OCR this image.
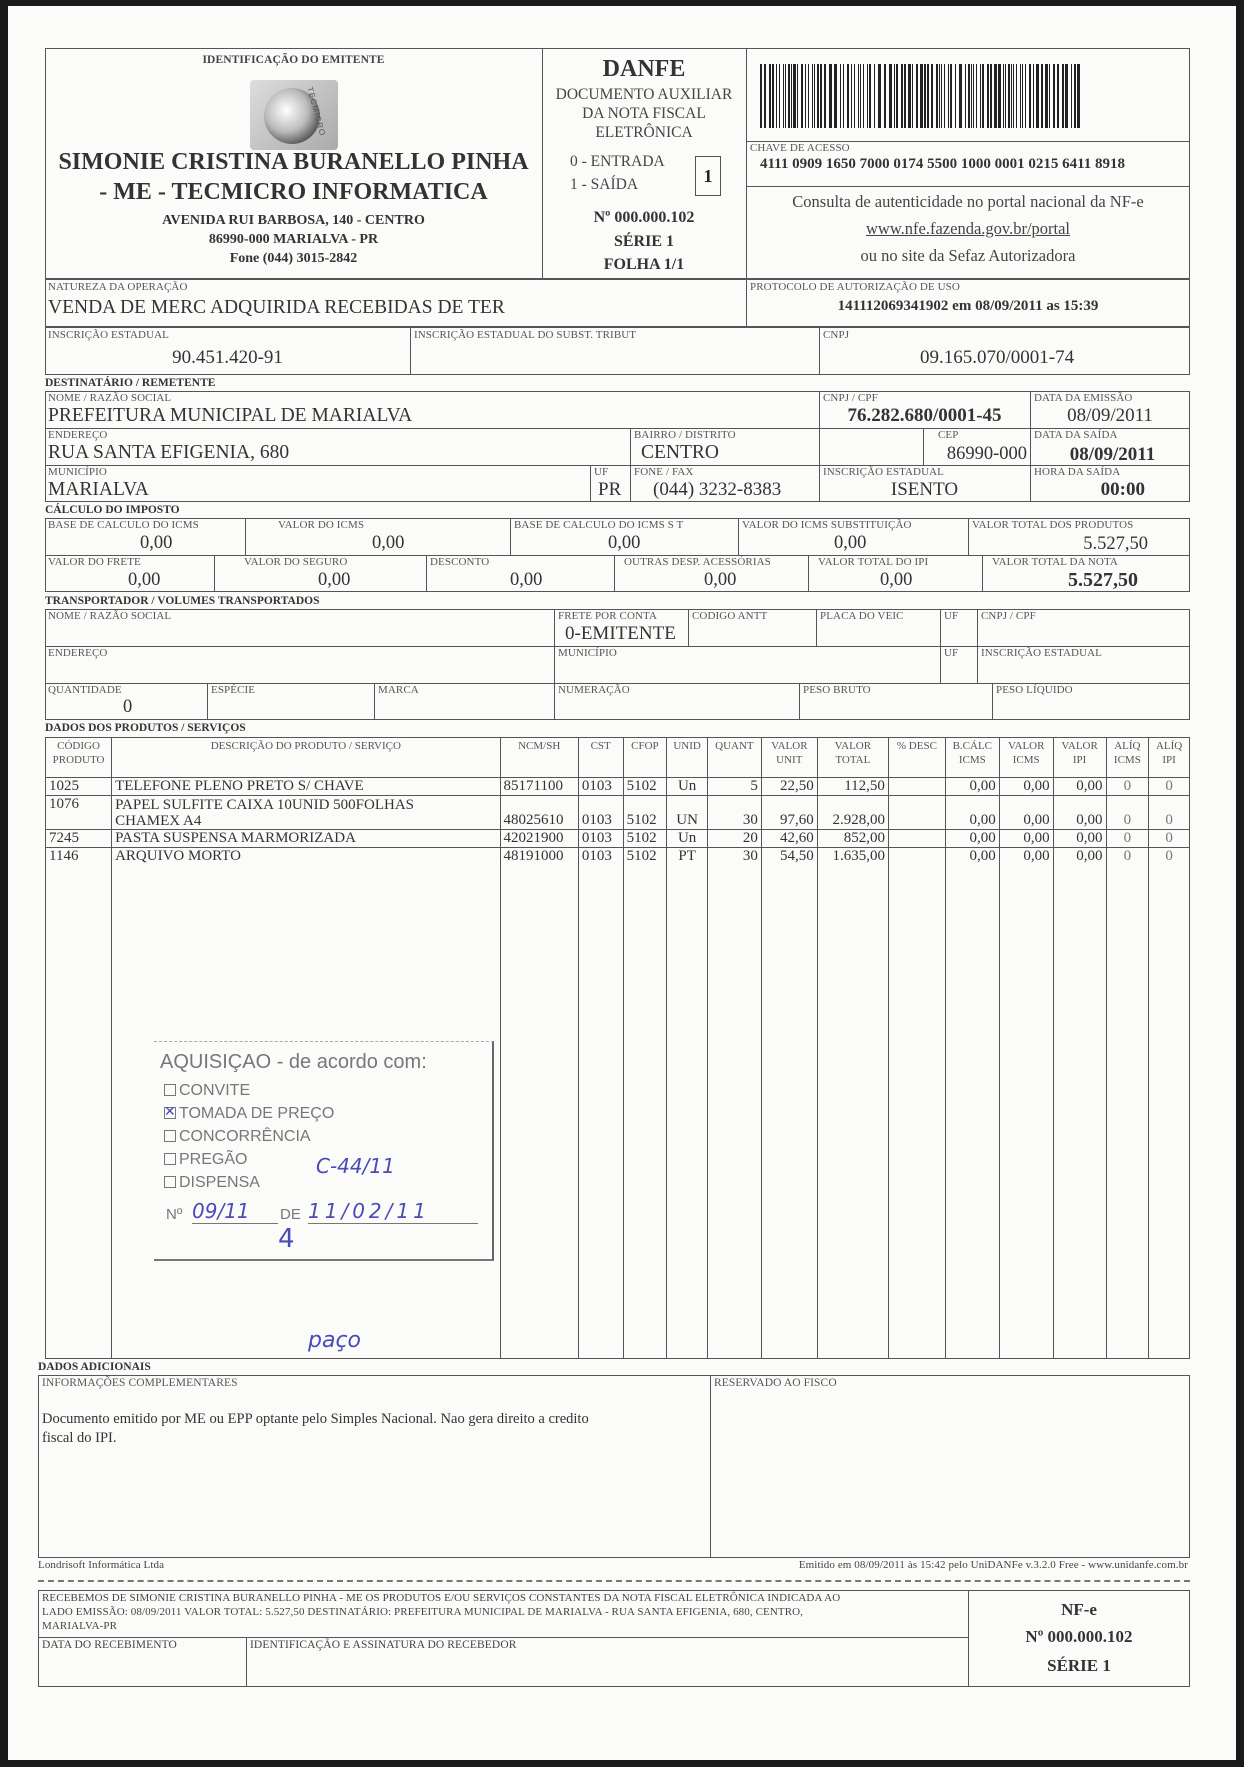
IDENTIFICAÇÃO DO EMITENTE
TECMICRO
SIMONIE CRISTINA BURANELLO PINHA
- ME - TECMICRO INFORMATICA
AVENIDA RUI BARBOSA, 140 - CENTRO
86990-000 MARIALVA - PR
Fone (044) 3015-2842
DANFE
DOCUMENTO AUXILIAR
DA NOTA FISCAL
ELETRÔNICA
0 - ENTRADA
1 - SAÍDA	1
Nº 000.000.102
SÉRIE 1
FOLHA 1/1
CHAVE DE ACESSO
4111 0909 1650 7000 0174 5500 1000 0001 0215 6411 8918
Consulta de autenticidade no portal nacional da NF-e
www.nfe.fazenda.gov.br/portal
ou no site da Sefaz Autorizadora
NATUREZA DA OPERAÇÃO
VENDA DE MERC ADQUIRIDA RECEBIDAS DE TER
PROTOCOLO DE AUTORIZAÇÃO DE USO
141112069341902 em 08/09/2011 as 15:39
INSCRIÇÃO ESTADUAL
90.451.420-91
INSCRIÇÃO ESTADUAL DO SUBST. TRIBUT	CNPJ
09.165.070/0001-74
DESTINATÁRIO / REMETENTE
NOME / RAZÃO SOCIAL
PREFEITURA MUNICIPAL DE MARIALVA
CNPJ / CPF
76.282.680/0001-45
DATA DA EMISSÃO
08/09/2011
ENDEREÇO
RUA SANTA EFIGENIA, 680
BAIRRO / DISTRITO
CENTRO
CEP
86990-000
DATA DA SAÍDA
08/09/2011
MUNICÍPIO
MARIALVA
UF
PR
FONE / FAX
(044) 3232-8383
INSCRIÇÃO ESTADUAL
ISENTO
HORA DA SAÍDA
00:00
CÁLCULO DO IMPOSTO
BASE DE CALCULO DO ICMS
0,00
VALOR DO ICMS
0,00
BASE DE CALCULO DO ICMS S T
0,00
VALOR DO ICMS SUBSTITUIÇÃO
0,00
VALOR TOTAL DOS PRODUTOS
5.527,50
VALOR DO FRETE
0,00
VALOR DO SEGURO
0,00
DESCONTO
0,00
OUTRAS DESP. ACESSÓRIAS
0,00
VALOR TOTAL DO IPI
0,00
VALOR TOTAL DA NOTA
5.527,50
TRANSPORTADOR / VOLUMES TRANSPORTADOS
NOME / RAZÃO SOCIAL	FRETE POR CONTA
0-EMITENTE
CODIGO ANTT	PLACA DO VEIC	UF CNPJ / CPF
ENDEREÇO	MUNICÍPIO	UF INSCRIÇÃO ESTADUAL
QUANTIDADE
0
ESPÉCIE	MARCA	NUMERAÇÃO	PESO BRUTO	PESO LÍQUIDO
DADOS DOS PRODUTOS / SERVIÇOS
CÓDIGO PRODUTO	DESCRIÇÃO DO PRODUTO / SERVIÇO	NCM/SH	CST	CFOP	UNID	QUANT	VALOR UNIT	VALOR TOTAL	% DESC	B.CÁLC ICMS	VALOR ICMS	VALOR IPI	ALÍQ ICMS	ALÍQ IPI
1025	TELEFONE PLENO PRETO S/ CHAVE	85171100	0103	5102	Un	5	22,50	112,50		0,00	0,00	0,00	0	0
1076	PAPEL SULFITE CAIXA 10UNID 500FOLHAS
CHAMEX A4	48025610	0103	5102	UN	30	97,60	2.928,00		0,00	0,00	0,00	0	0
7245	PASTA SUSPENSA MARMORIZADA	42021900	0103	5102	Un	20	42,60	852,00		0,00	0,00	0,00	0	0
1146	ARQUIVO MORTO	48191000	0103	5102	PT	30	54,50	1.635,00		0,00	0,00	0,00	0	0

AQUISIÇAO - de acordo com:
CONVITE
✕TOMADA DE PREÇO
CONCORRÊNCIA
PREGÃO
DISPENSA
C-44/11
Nº 09/11	DE 11/02/11
4
paço
DADOS ADICIONAIS
INFORMAÇÕES COMPLEMENTARES
Documento emitido por ME ou EPP optante pelo Simples Nacional. Nao gera direito a credito
fiscal do IPI.
RESERVADO AO FISCO
Londrisoft Informática Ltda	Emitido em 08/09/2011 às 15:42 pelo UniDANFe v.3.2.0 Free - www.unidanfe.com.br
RECEBEMOS DE SIMONIE CRISTINA BURANELLO PINHA - ME OS PRODUTOS E/OU SERVIÇOS CONSTANTES DA NOTA FISCAL ELETRÔNICA INDICADA AO
LADO EMISSÃO: 08/09/2011 VALOR TOTAL: 5.527,50 DESTINATÁRIO: PREFEITURA MUNICIPAL DE MARIALVA - RUA SANTA EFIGENIA, 680, CENTRO,
MARIALVA-PR
DATA DO RECEBIMENTO	IDENTIFICAÇÃO E ASSINATURA DO RECEBEDOR
NF-e
Nº 000.000.102
SÉRIE 1
